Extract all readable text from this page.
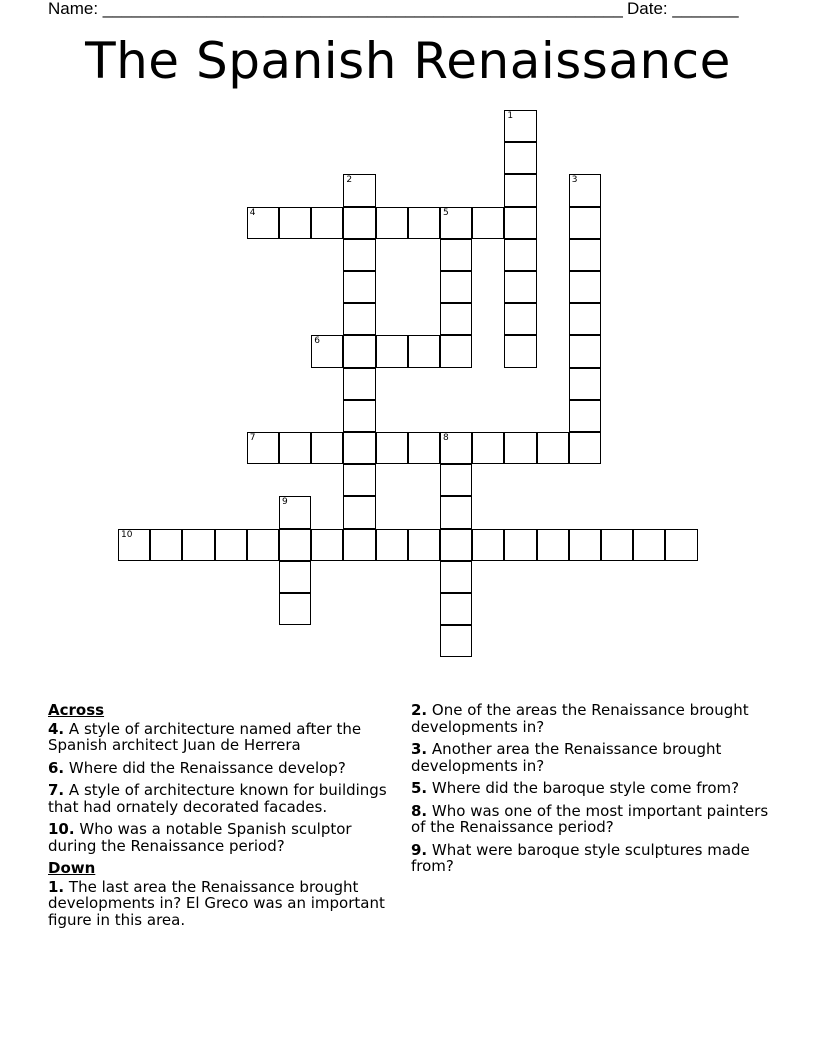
Name: _______________________________________________________ Date: _______
The Spanish Renaissance
1
2	3
4	5
6
7	8
9
10
Across
4. A style of architecture named after the Spanish architect Juan de Herrera
6. Where did the Renaissance develop?
7. A style of architecture known for buildings that had ornately decorated facades.
10. Who was a notable Spanish sculptor during the Renaissance period?
Down
1. The last area the Renaissance brought developments in? El Greco was an important figure in this area.
2. One of the areas the Renaissance brought developments in?
3. Another area the Renaissance brought developments in?
5. Where did the baroque style come from?
8. Who was one of the most important painters of the Renaissance period?
9. What were baroque style sculptures made from?
